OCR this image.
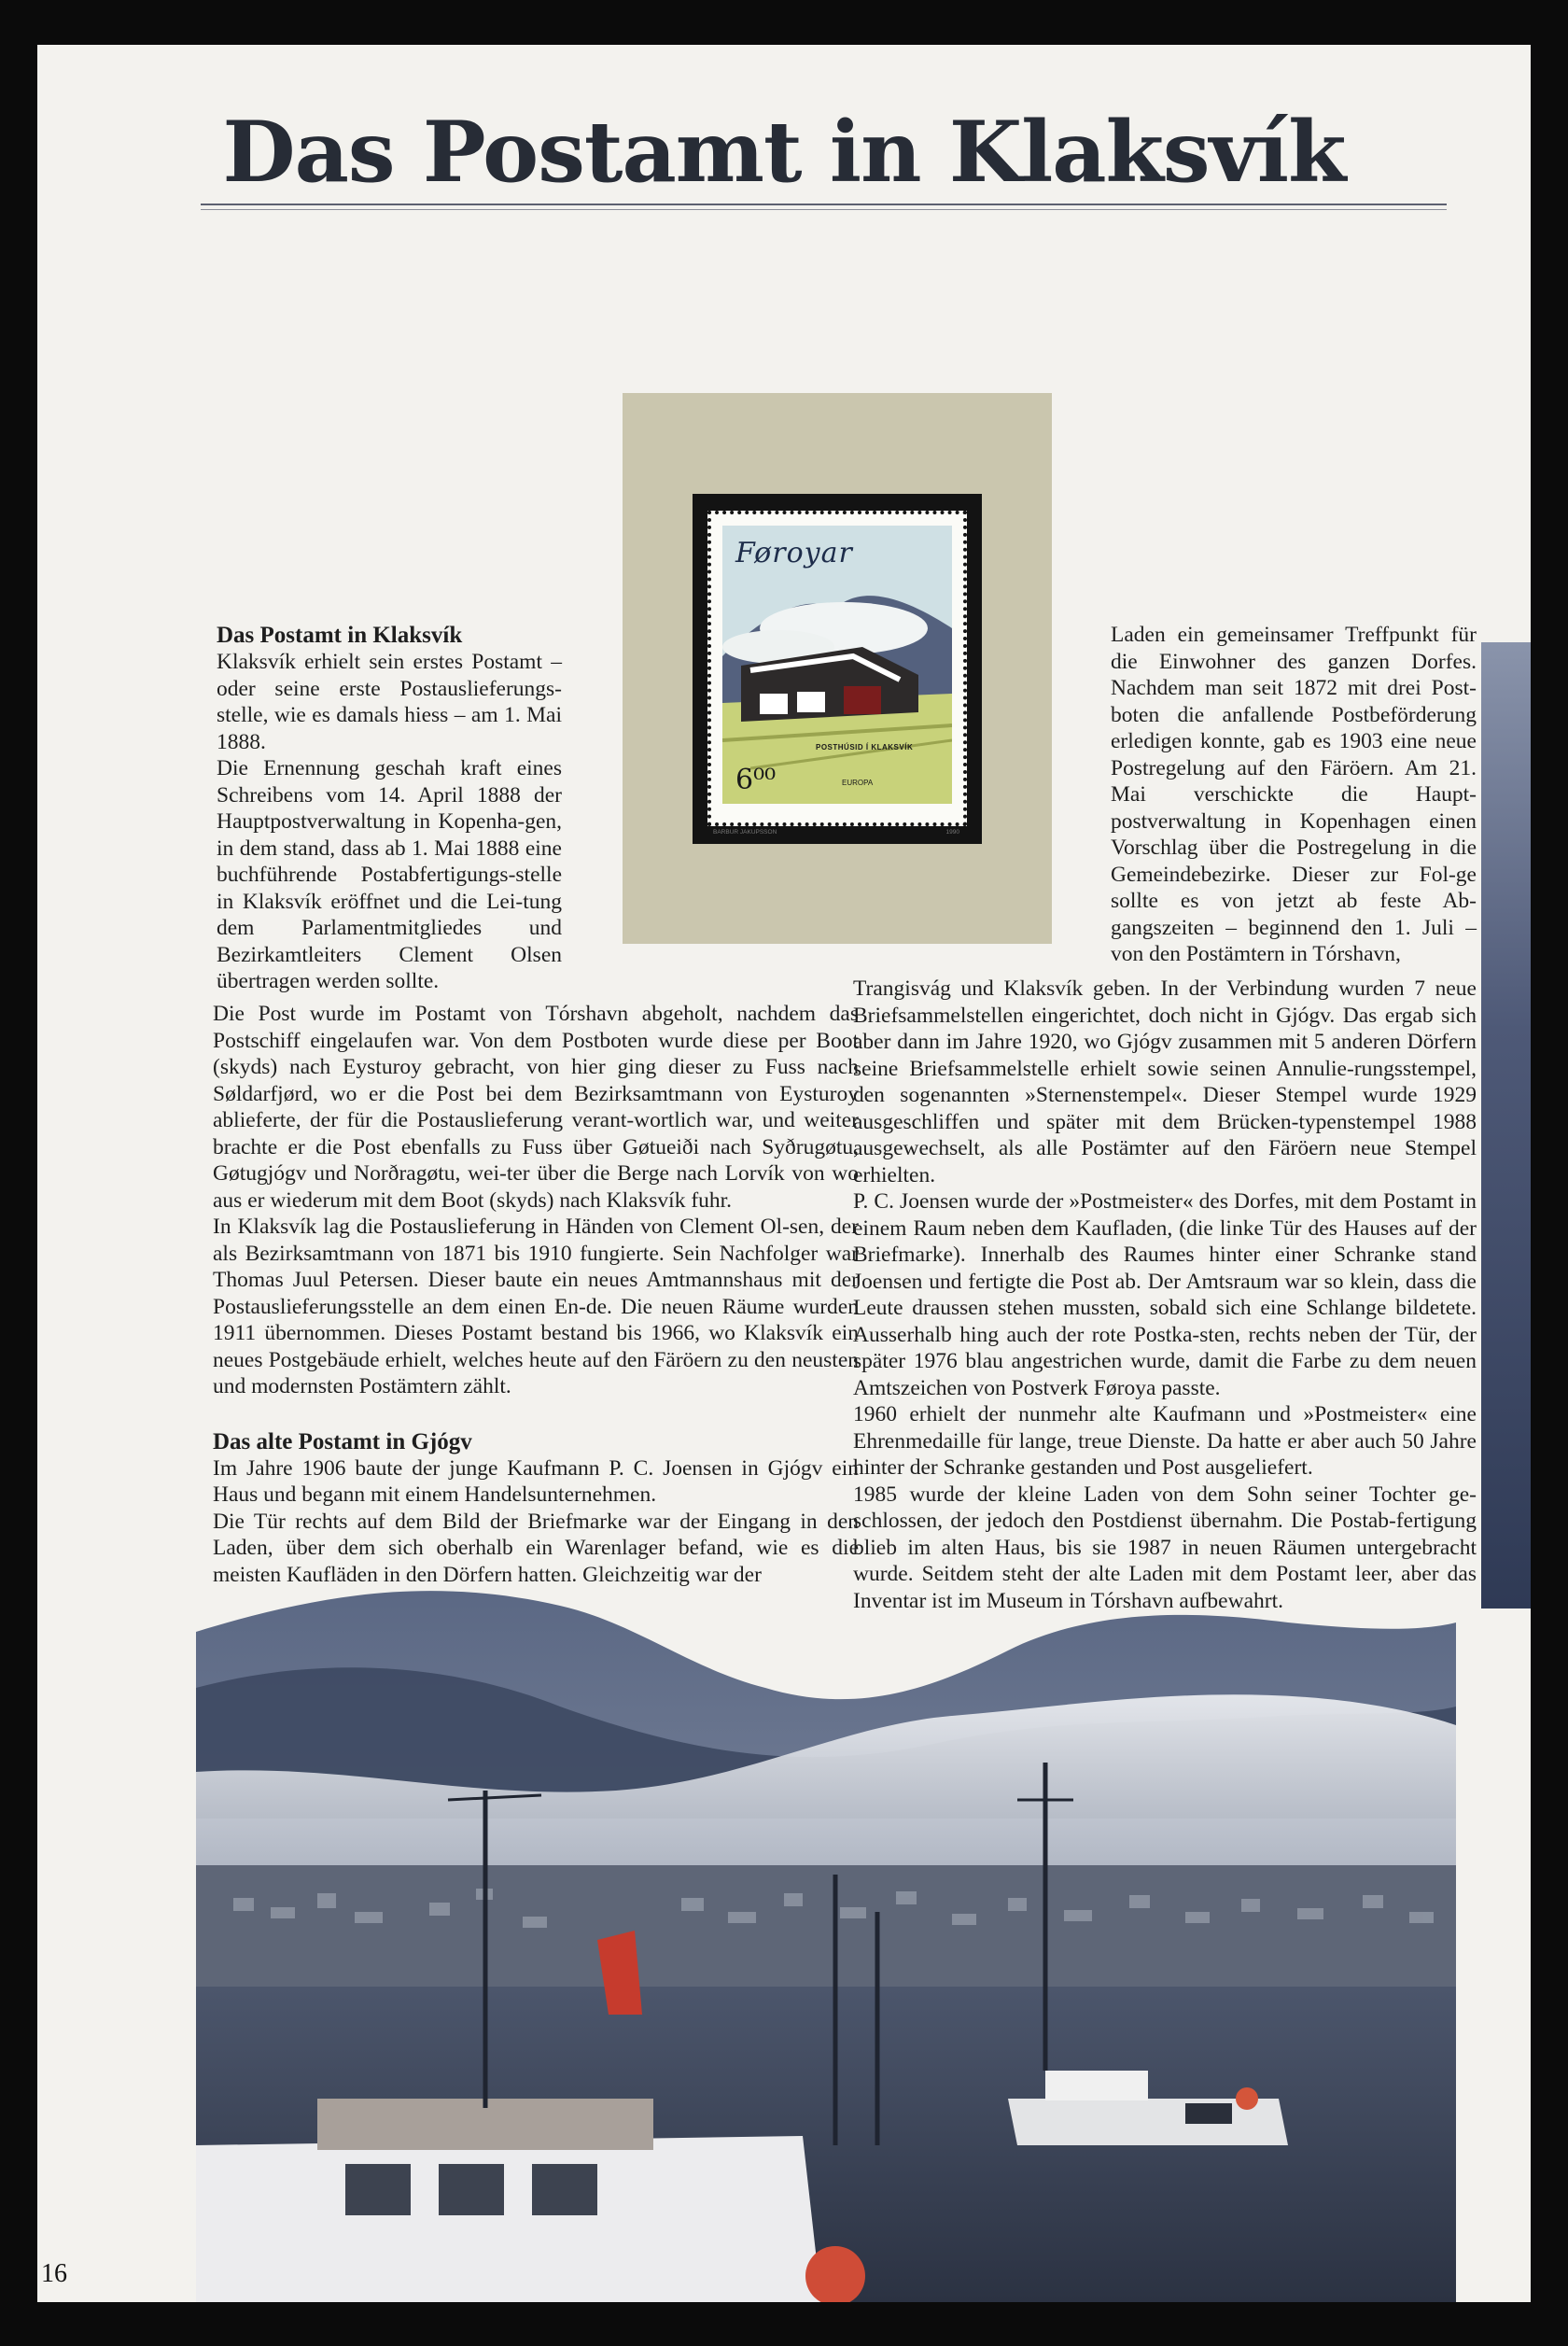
Das Postamt in Klaksvík
Das Postamt in Klaksvík

Klaksvík erhielt sein erstes Postamt – oder seine erste Postauslieferungs-stelle, wie es damals hiess – am 1. Mai 1888.

Die Ernennung geschah kraft eines Schreibens vom 14. April 1888 der Hauptpostverwaltung in Kopenha-gen, in dem stand, dass ab 1. Mai 1888 eine buchführende Postabfertigungs-stelle in Klaksvík eröffnet und die Lei-tung dem Parlamentmitgliedes und Bezirkamtleiters Clement Olsen übertragen werden sollte.

Føroyar
POSTHÚSID Í KLAKSVÍK
EUROPA
6⁰⁰
BARBUR JAKUPSSON	1990

Laden ein gemeinsamer Treffpunkt für die Einwohner des ganzen Dorfes. Nachdem man seit 1872 mit drei Post-boten die anfallende Postbeförderung erledigen konnte, gab es 1903 eine neue Postregelung auf den Färöern. Am 21. Mai verschickte die Haupt-postverwaltung in Kopenhagen einen Vorschlag über die Postregelung in die Gemeindebezirke. Dieser zur Fol-ge sollte es von jetzt ab feste Ab-gangszeiten – beginnend den 1. Juli – von den Postämtern in Tórshavn,

Die Post wurde im Postamt von Tórshavn abgeholt, nachdem das Postschiff eingelaufen war. Von dem Postboten wurde diese per Boot (skyds) nach Eysturoy gebracht, von hier ging dieser zu Fuss nach Søldarfjørd, wo er die Post bei dem Bezirksamtmann von Eysturoy ablieferte, der für die Postauslieferung verant-wortlich war, und weiter brachte er die Post ebenfalls zu Fuss über Gøtueiði nach Syðrugøtu, Gøtugjógv und Norðragøtu, wei-ter über die Berge nach Lorvík von wo aus er wiederum mit dem Boot (skyds) nach Klaksvík fuhr.

In Klaksvík lag die Postauslieferung in Händen von Clement Ol-sen, der als Bezirksamtmann von 1871 bis 1910 fungierte. Sein Nachfolger war Thomas Juul Petersen. Dieser baute ein neues Amtmannshaus mit der Postauslieferungsstelle an dem einen En-de. Die neuen Räume wurden 1911 übernommen. Dieses Postamt bestand bis 1966, wo Klaksvík ein neues Postgebäude erhielt, welches heute auf den Färöern zu den neusten und modernsten Postämtern zählt.

Das alte Postamt in Gjógv

Im Jahre 1906 baute der junge Kaufmann P. C. Joensen in Gjógv ein Haus und begann mit einem Handelsunternehmen.

Die Tür rechts auf dem Bild der Briefmarke war der Eingang in den Laden, über dem sich oberhalb ein Warenlager befand, wie es die meisten Kaufläden in den Dörfern hatten. Gleichzeitig war der

Trangisvág und Klaksvík geben. In der Verbindung wurden 7 neue Briefsammelstellen eingerichtet, doch nicht in Gjógv. Das ergab sich aber dann im Jahre 1920, wo Gjógv zusammen mit 5 anderen Dörfern seine Briefsammelstelle erhielt sowie seinen Annulie-rungsstempel, den sogenannten »Sternenstempel«. Dieser Stempel wurde 1929 ausgeschliffen und später mit dem Brücken-typenstempel 1988 ausgewechselt, als alle Postämter auf den Färöern neue Stempel erhielten.

P. C. Joensen wurde der »Postmeister« des Dorfes, mit dem Postamt in einem Raum neben dem Kaufladen, (die linke Tür des Hauses auf der Briefmarke). Innerhalb des Raumes hinter einer Schranke stand Joensen und fertigte die Post ab. Der Amtsraum war so klein, dass die Leute draussen stehen mussten, sobald sich eine Schlange bildetete. Ausserhalb hing auch der rote Postka-sten, rechts neben der Tür, der später 1976 blau angestrichen wurde, damit die Farbe zu dem neuen Amtszeichen von Postverk Føroya passte.

1960 erhielt der nunmehr alte Kaufmann und »Postmeister« eine Ehrenmedaille für lange, treue Dienste. Da hatte er aber auch 50 Jahre hinter der Schranke gestanden und Post ausgeliefert.

1985 wurde der kleine Laden von dem Sohn seiner Tochter ge-schlossen, der jedoch den Postdienst übernahm. Die Postab-fertigung blieb im alten Haus, bis sie 1987 in neuen Räumen untergebracht wurde. Seitdem steht der alte Laden mit dem Postamt leer, aber das Inventar ist im Museum in Tórshavn aufbewahrt.

16
